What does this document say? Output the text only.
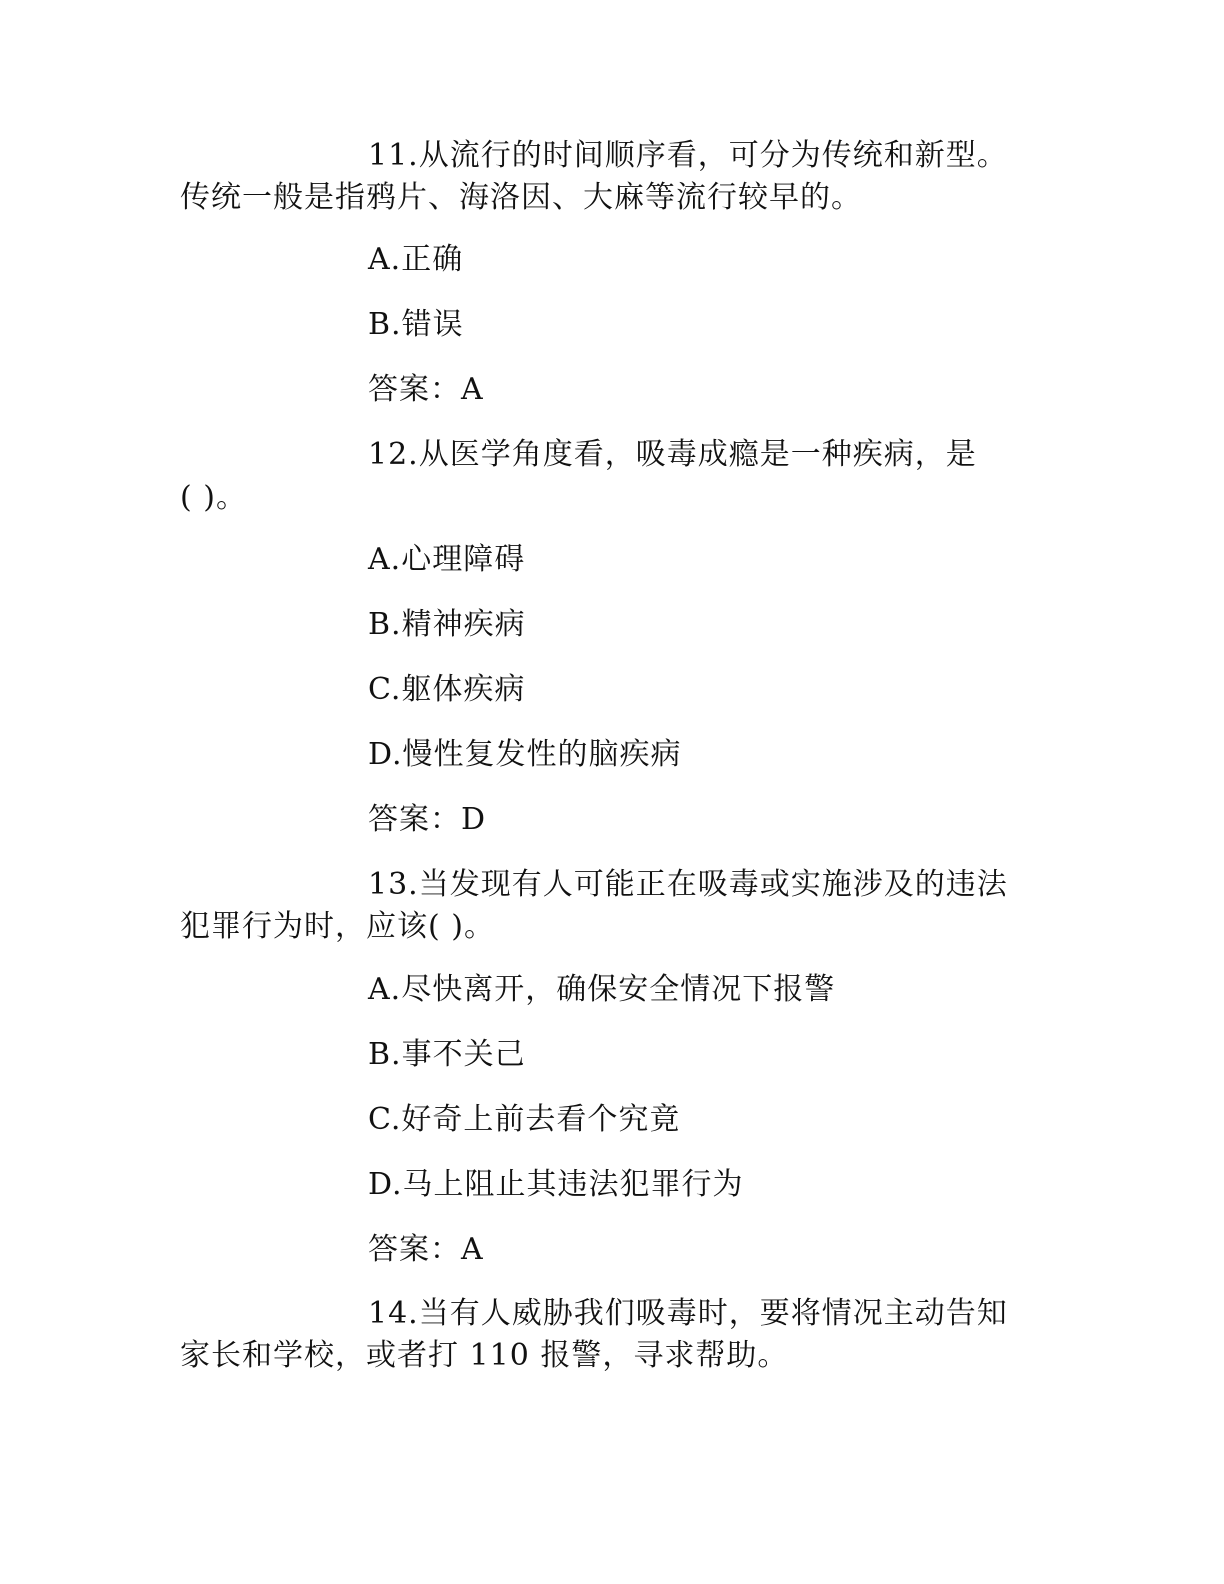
11.从流行的时间顺序看，可分为传统和新型。
传统一般是指鸦片、海洛因、大麻等流行较早的。
A.正确
B.错误
答案：A
12.从医学角度看，吸毒成瘾是一种疾病，是
( )。
A.心理障碍
B.精神疾病
C.躯体疾病
D.慢性复发性的脑疾病
答案：D
13.当发现有人可能正在吸毒或实施涉及的违法
犯罪行为时，应该( )。
A.尽快离开，确保安全情况下报警
B.事不关己
C.好奇上前去看个究竟
D.马上阻止其违法犯罪行为
答案：A
14.当有人威胁我们吸毒时，要将情况主动告知
家长和学校，或者打 110 报警，寻求帮助。
